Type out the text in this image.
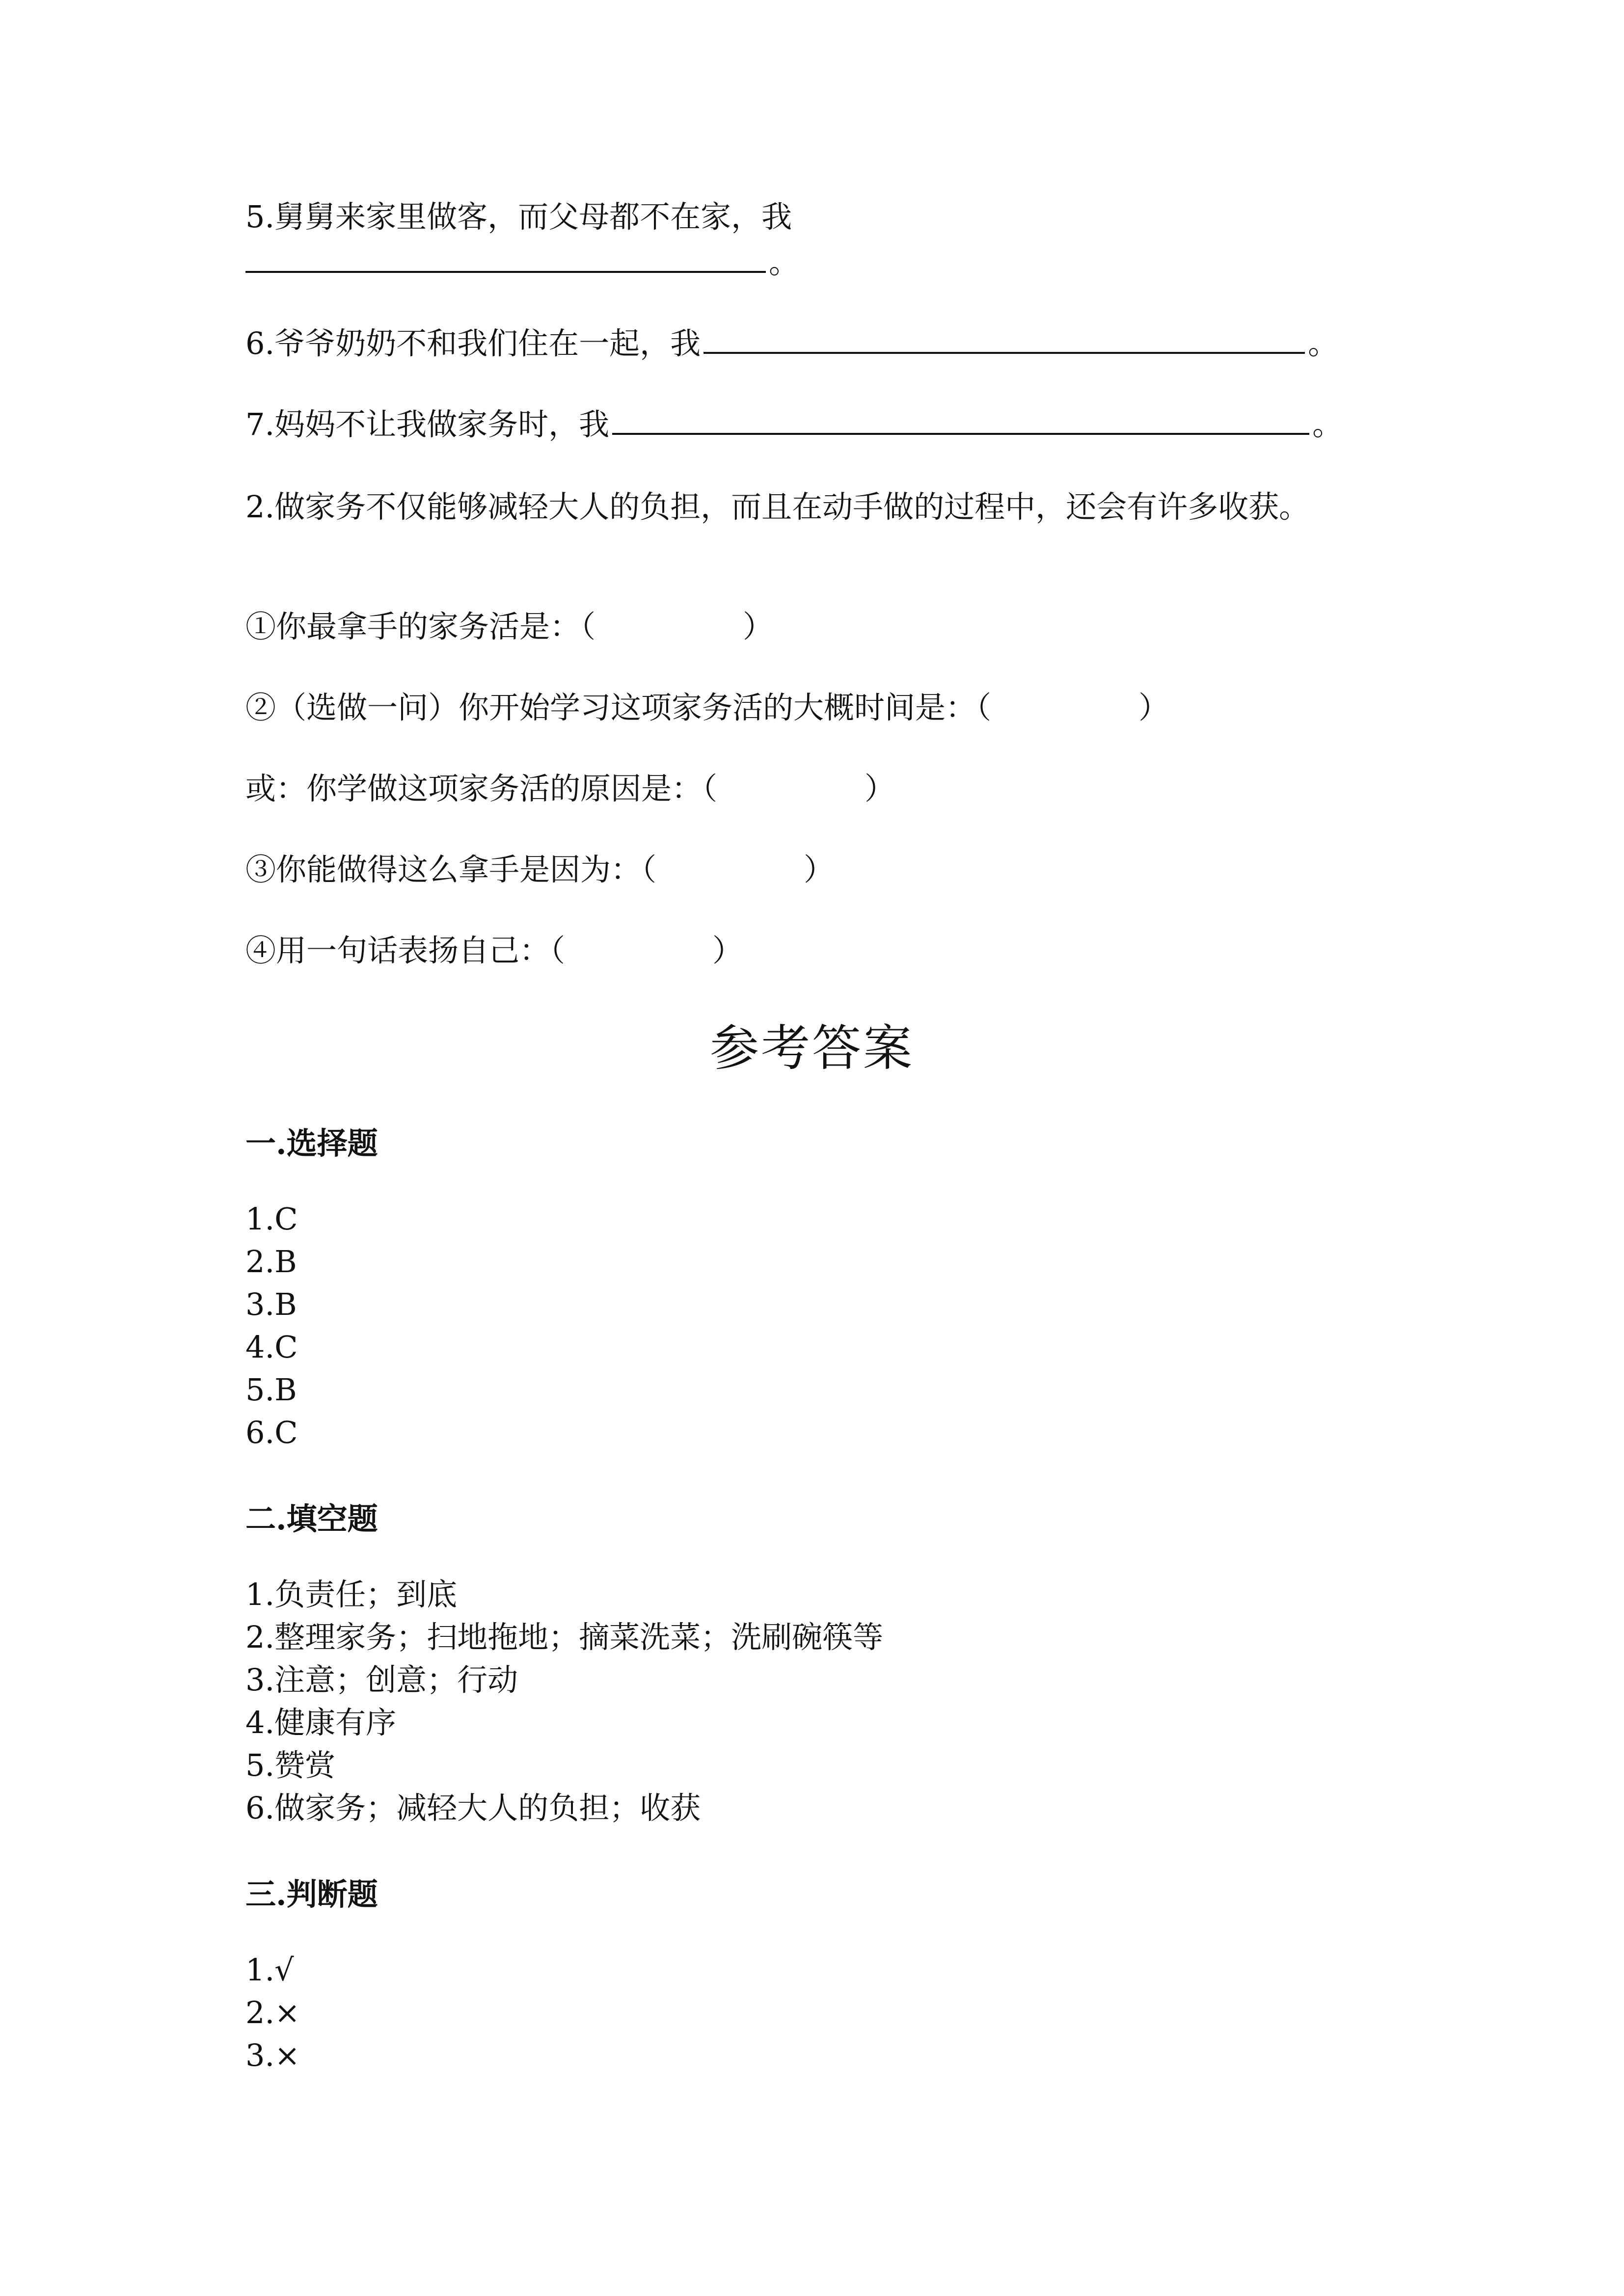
5.舅舅来家里做客，而父母都不在家，我
。
6.爷爷奶奶不和我们住在一起，我	。
7.妈妈不让我做家务时，我	。
2.做家务不仅能够减轻大人的负担，而且在动手做的过程中，还会有许多收获。
①你最拿手的家务活是：（	）
②（选做一问）你开始学习这项家务活的大概时间是：（	）
或：你学做这项家务活的原因是：（	）
③你能做得这么拿手是因为：（	）
④用一句话表扬自己：（	）
参考答案
一.选择题
1.C
2.B
3.B
4.C
5.B
6.C
二.填空题
1.负责任；到底
2.整理家务；扫地拖地；摘菜洗菜；洗刷碗筷等
3.注意；创意；行动
4.健康有序
5.赞赏
6.做家务；减轻大人的负担；收获
三.判断题
1.√
2.×
3.×
